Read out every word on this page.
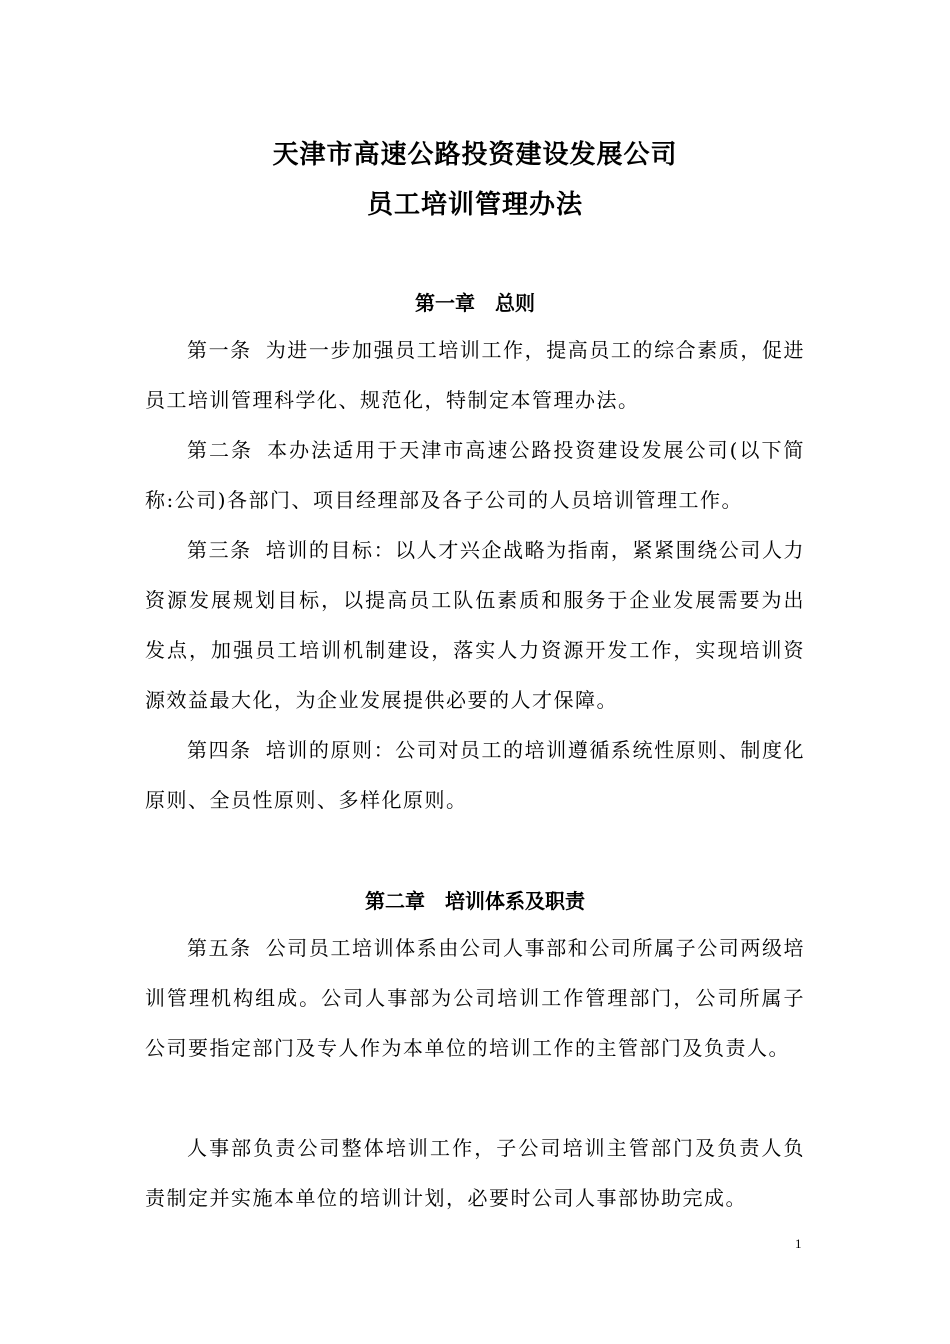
天津市高速公路投资建设发展公司
员工培训管理办法
第一章　总则

第一条 为进一步加强员工培训工作，提高员工的综合素质，促进员工培训管理科学化、规范化，特制定本管理办法。

第二条 本办法适用于天津市高速公路投资建设发展公司(以下简称:公司)各部门、项目经理部及各子公司的人员培训管理工作。

第三条 培训的目标：以人才兴企战略为指南，紧紧围绕公司人力资源发展规划目标，以提高员工队伍素质和服务于企业发展需要为出发点，加强员工培训机制建设，落实人力资源开发工作，实现培训资源效益最大化，为企业发展提供必要的人才保障。

第四条 培训的原则：公司对员工的培训遵循系统性原则、制度化原则、全员性原则、多样化原则。

第二章　培训体系及职责

第五条 公司员工培训体系由公司人事部和公司所属子公司两级培训管理机构组成。公司人事部为公司培训工作管理部门，公司所属子公司要指定部门及专人作为本单位的培训工作的主管部门及负责人。

人事部负责公司整体培训工作，子公司培训主管部门及负责人负责制定并实施本单位的培训计划，必要时公司人事部协助完成。

1
